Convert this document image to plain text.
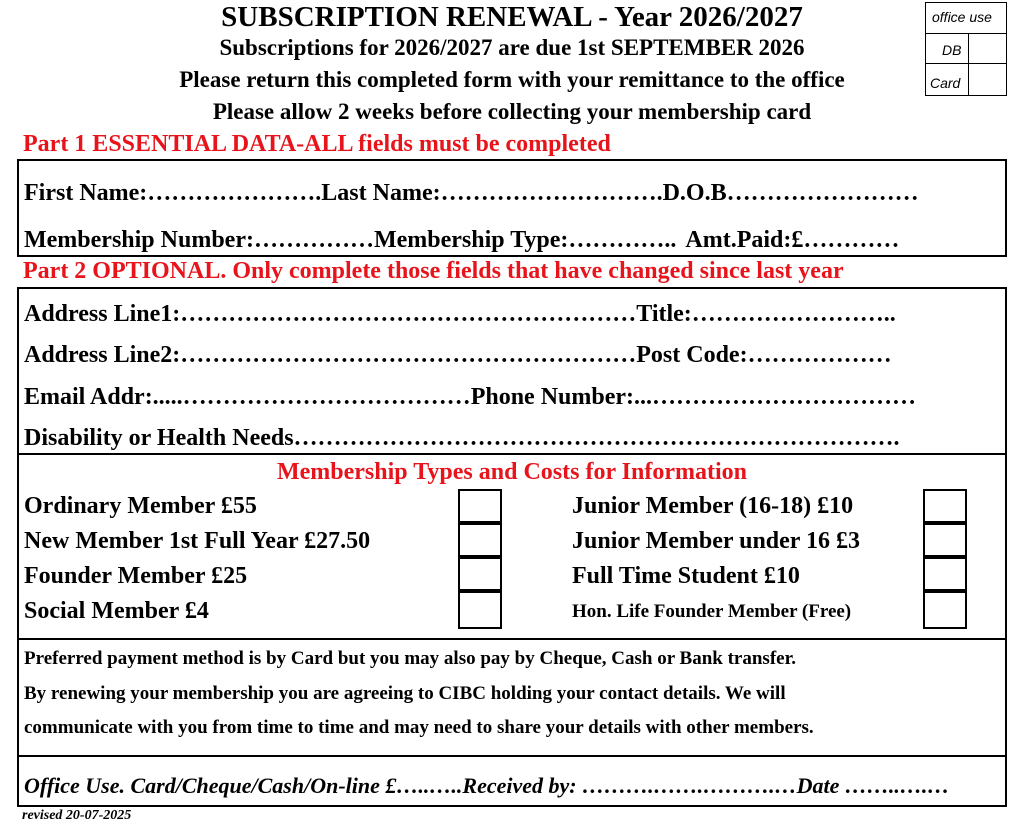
SUBSCRIPTION RENEWAL - Year 2026/2027
Subscriptions for 2026/2027 are due 1st SEPTEMBER 2026
Please return this completed form with your remittance to the office
Please allow 2 weeks before collecting your membership card
office use
DB
Card
Part 1 ESSENTIAL DATA-ALL fields must be completed
First Name:………………….Last Name:……………………….D.O.B……………………
Membership Number:……………Membership Type:………….. Amt.Paid:£…………
Part 2 OPTIONAL. Only complete those fields that have changed since last year
Address Line1:…………………………………………………Title:……………………..
Address Line2:…………………………………………………Post Code:………………
Email Addr:.....………………………………Phone Number:...……………………………
Disability or Health Needs………………………………………………………………….
Membership Types and Costs for Information
Ordinary Member £55
New Member 1st Full Year £27.50
Founder Member £25
Social Member £4
Junior Member (16-18) £10
Junior Member under 16 £3
Full Time Student £10
Hon. Life Founder Member (Free)
Preferred payment method is by Card but you may also pay by Cheque, Cash or Bank transfer.
By renewing your membership you are agreeing to CIBC holding your contact details. We will
communicate with you from time to time and may need to share your details with other members.
Office Use. Card/Cheque/Cash/On-line £…..…..Received by: ……….…….……….…Date ……..….…
revised 20-07-2025
